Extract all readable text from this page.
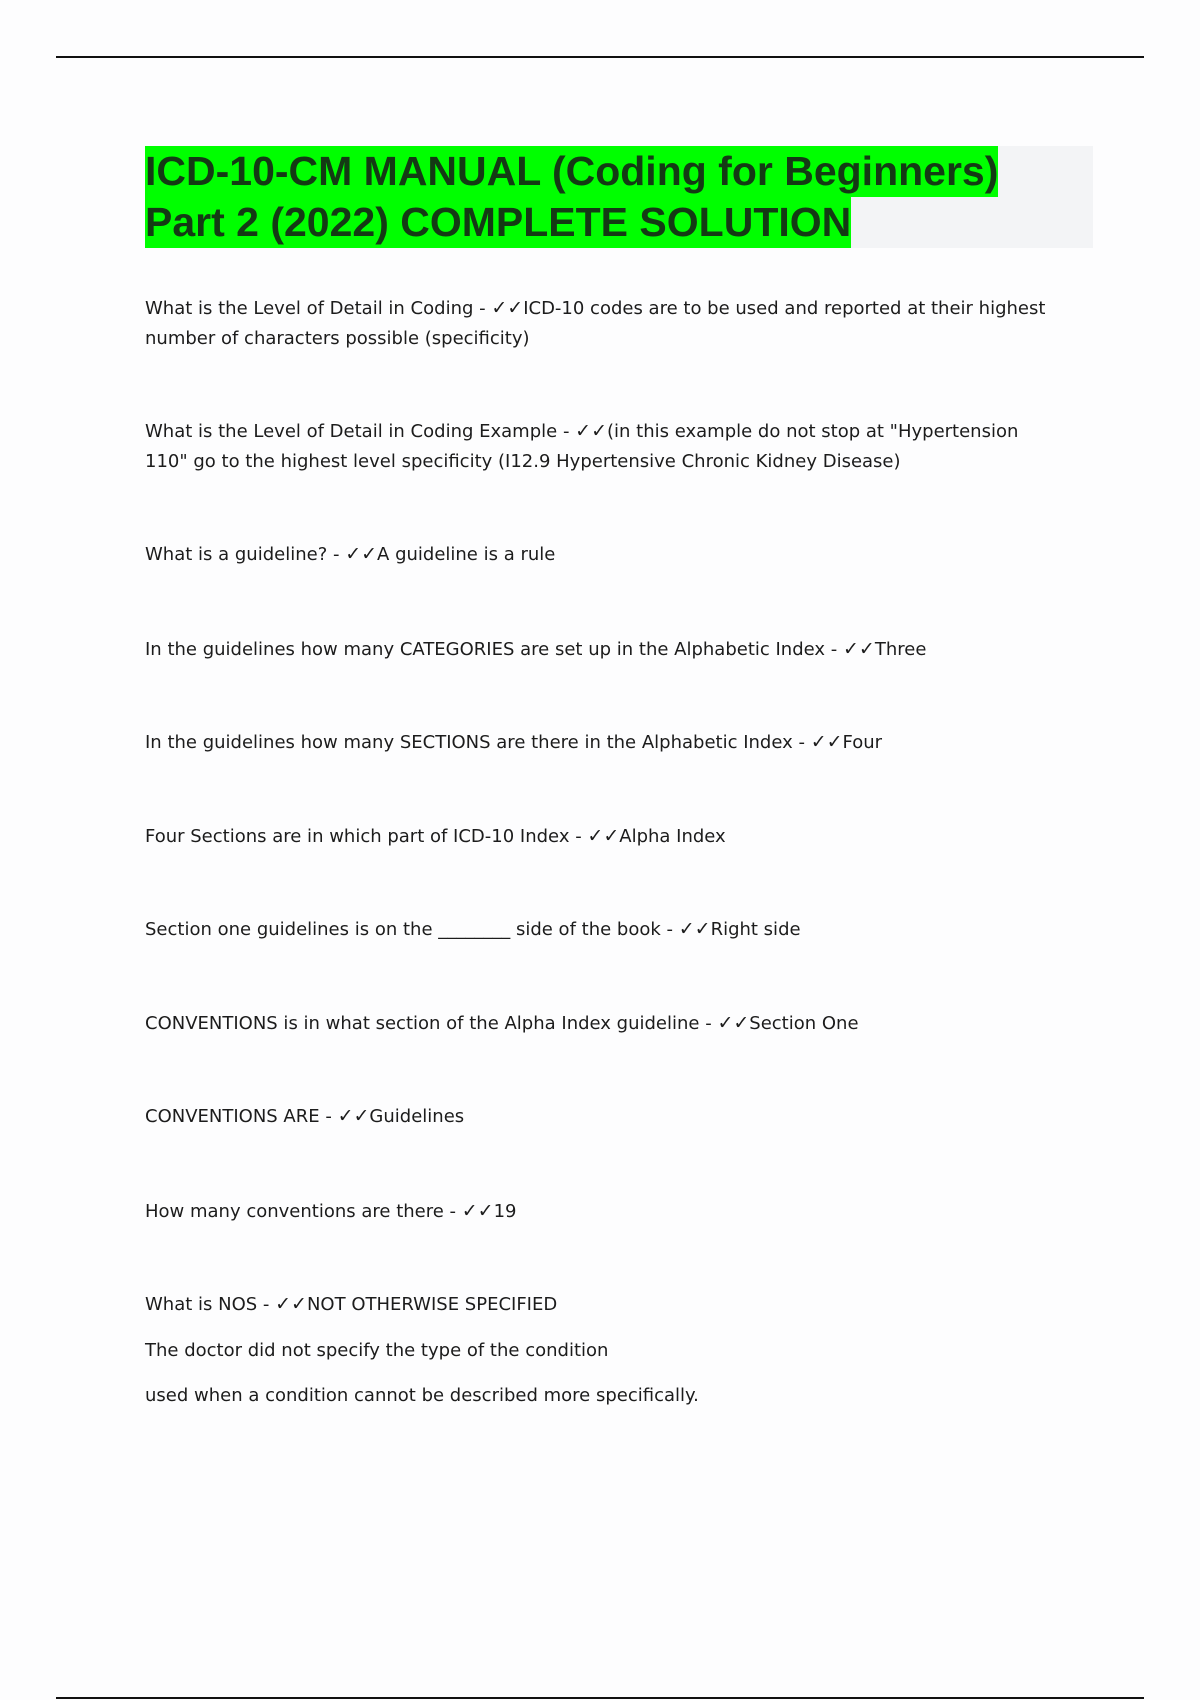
ICD-10-CM MANUAL (Coding for Beginners)
Part 2 (2022) COMPLETE SOLUTION
What is the Level of Detail in Coding - ✓✓ICD-10 codes are to be used and reported at their highest number of characters possible (specificity)
What is the Level of Detail in Coding Example - ✓✓(in this example do not stop at "Hypertension 110" go to the highest level specificity (I12.9 Hypertensive Chronic Kidney Disease)
What is a guideline? - ✓✓A guideline is a rule
In the guidelines how many CATEGORIES are set up in the Alphabetic Index - ✓✓Three
In the guidelines how many SECTIONS are there in the Alphabetic Index - ✓✓Four
Four Sections are in which part of ICD-10 Index - ✓✓Alpha Index
Section one guidelines is on the ________ side of the book - ✓✓Right side
CONVENTIONS is in what section of the Alpha Index guideline - ✓✓Section One
CONVENTIONS ARE - ✓✓Guidelines
How many conventions are there - ✓✓19
What is NOS - ✓✓NOT OTHERWISE SPECIFIED
The doctor did not specify the type of the condition
used when a condition cannot be described more specifically.
